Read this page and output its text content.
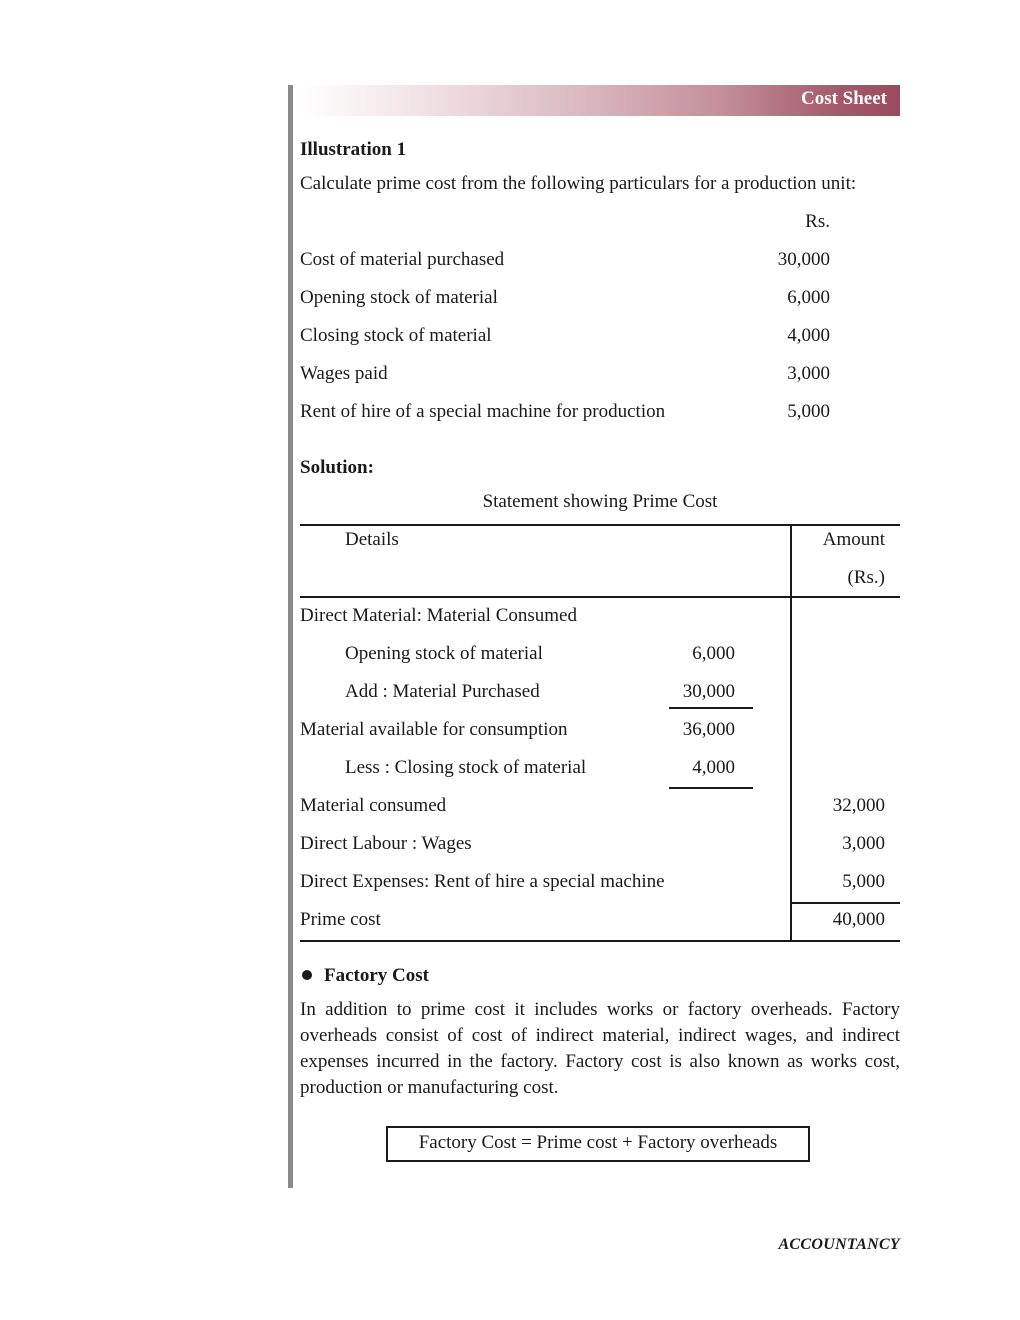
Cost Sheet
Illustration 1
Calculate prime cost from the following particulars for a production unit:
Rs.
Cost of material purchased	30,000
Opening stock of material	6,000
Closing stock of material	4,000
Wages paid	3,000
Rent of hire of a special machine for production	5,000
Solution:
Statement showing Prime Cost
Details	Amount
(Rs.)
Direct Material: Material Consumed
Opening stock of material	6,000
Add : Material Purchased	30,000
Material available for consumption	36,000
Less : Closing stock of material	4,000
Material consumed	32,000
Direct Labour : Wages	3,000
Direct Expenses: Rent of hire a special machine	5,000
Prime cost	40,000
Factory Cost
In addition to prime cost it includes works or factory overheads. Factory overheads consist of cost of indirect material, indirect wages, and indirect expenses incurred in the factory. Factory cost is also known as works cost, production or manufacturing cost.
Factory Cost = Prime cost + Factory overheads
ACCOUNTANCY
